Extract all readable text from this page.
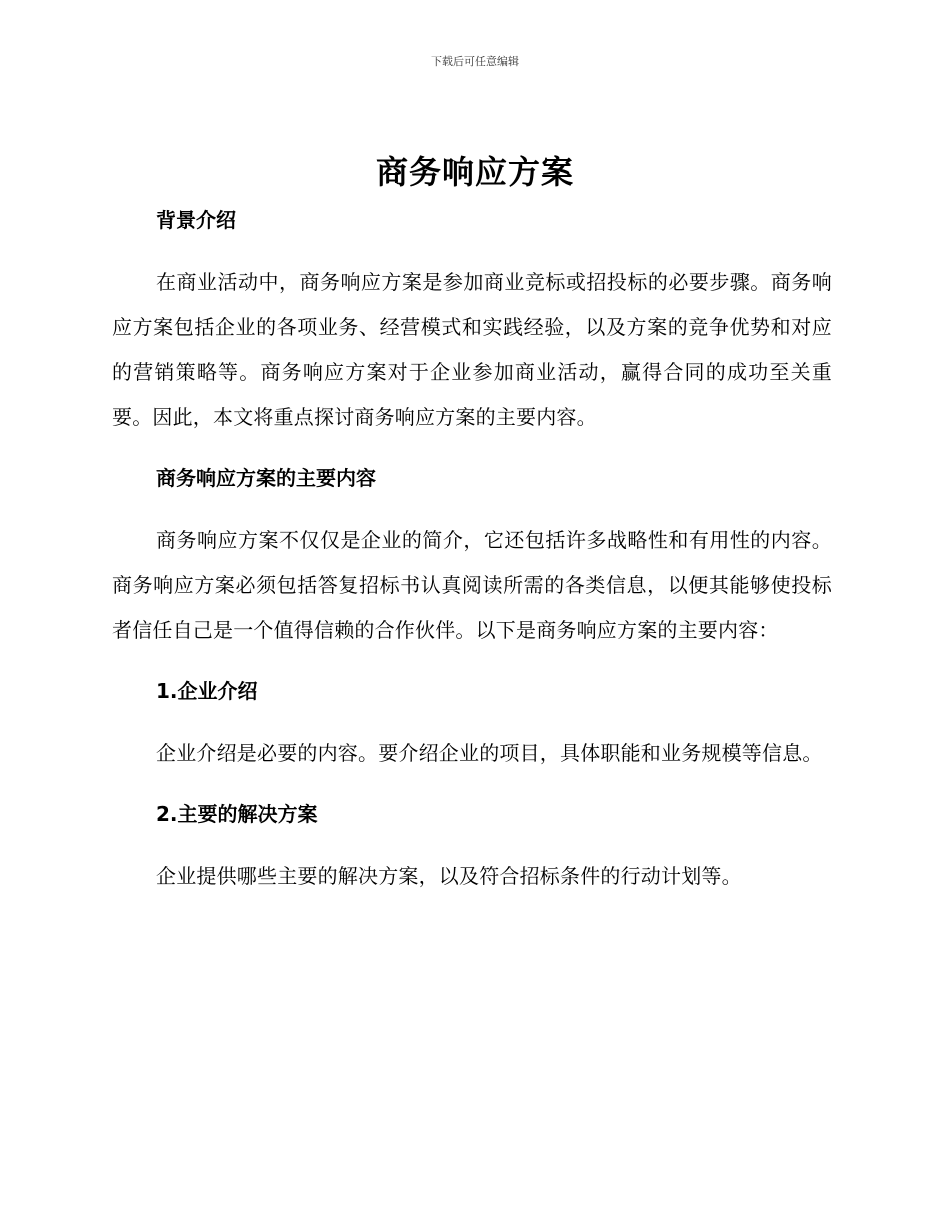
下载后可任意编辑
商务响应方案

背景介绍

在商业活动中，商务响应方案是参加商业竞标或招投标的必要步骤。商务响应方案包括企业的各项业务、经营模式和实践经验，以及方案的竞争优势和对应的营销策略等。商务响应方案对于企业参加商业活动，赢得合同的成功至关重要。因此，本文将重点探讨商务响应方案的主要内容。

商务响应方案的主要内容

商务响应方案不仅仅是企业的简介，它还包括许多战略性和有用性的内容。商务响应方案必须包括答复招标书认真阅读所需的各类信息，以便其能够使投标者信任自己是一个值得信赖的合作伙伴。以下是商务响应方案的主要内容：

1.企业介绍

企业介绍是必要的内容。要介绍企业的项目，具体职能和业务规模等信息。

2.主要的解决方案

企业提供哪些主要的解决方案，以及符合招标条件的行动计划等。
